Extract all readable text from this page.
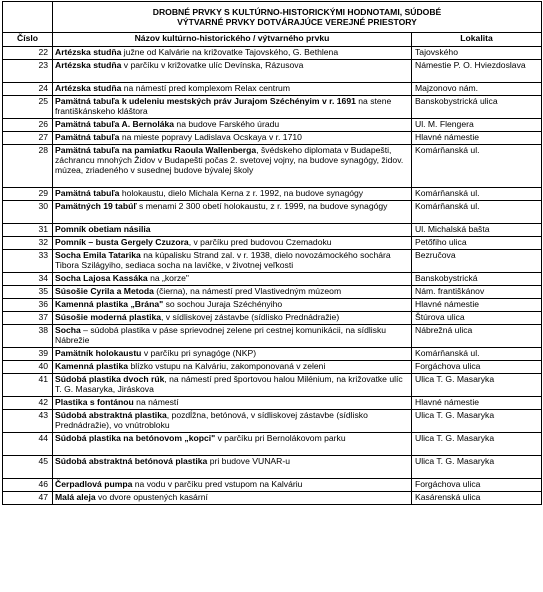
	DROBNÉ PRVKY S KULTÚRNO-HISTORICKÝMI HODNOTAMI, SÚDOBÉ
VÝTVARNÉ PRVKY DOTVÁRAJÚCE VEREJNÉ PRIESTORY	
Číslo	Názov kultúrno-historického / výtvarného prvku	Lokalita
22	Artézska studňa južne od Kalvárie na križovatke Tajovského, G. Bethlena	Tajovského
23	Artézska studňa v parčíku v križovatke ulíc Devínska, Rázusova	Námestie P. O. Hviezdoslava
24	Artézska studňa na námestí pred komplexom Relax centrum	Majzonovo nám.
25	Pamätná tabuľa k udeleniu mestských práv Jurajom Széchényim v r. 1691 na stene františkánskeho kláštora	Banskobystrická ulica
26	Pamätná tabuľa A. Bernoláka na budove Farského úradu	Ul. M. Flengera
27	Pamätná tabuľa na mieste popravy Ladislava Ocskaya v r. 1710	Hlavné námestie
28	Pamätná tabuľa na pamiatku Raoula Wallenberga, švédskeho diplomata v Budapešti, záchrancu mnohých Židov v Budapešti počas 2. svetovej vojny, na budove synagógy, židov. múzea, zriadeného v susednej budove bývalej školy	Komárňanská ul.
29	Pamätná tabuľa holokaustu, dielo Michala Kerna z r. 1992, na budove synagógy	Komárňanská ul.
30	Pamätných 19 tabúľ s menami 2 300 obetí holokaustu, z r. 1999, na budove synagógy	Komárňanská ul.
31	Pomník obetiam násilia	Ul. Michalská bašta
32	Pomník – busta Gergely Czuzora, v parčíku pred budovou Czemadoku	Petőfiho ulica
33	Socha Emila Tatarika na kúpalisku Strand zal. v r. 1938, dielo novozámockého sochára Tibora Szilágyiho, sediaca socha na lavičke, v životnej veľkosti	Bezručova
34	Socha Lajosa Kassáka na „korze"	Banskobystrická
35	Súsošie Cyrila a Metoda (čierna), na námestí pred Vlastivedným múzeom	Nám. františkánov
36	Kamenná plastika „Brána" so sochou Juraja Széchényiho	Hlavné námestie
37	Súsošie moderná plastika, v sídliskovej zástavbe (sídlisko Prednádražie)	Štúrova ulica
38	Socha – súdobá plastika v páse sprievodnej zelene pri cestnej komunikácii, na sídlisku Nábrežie	Nábrežná ulica
39	Pamätník holokaustu v parčíku pri synagóge (NKP)	Komárňanská ul.
40	Kamenná plastika blízko vstupu na Kalváriu, zakomponovaná v zeleni	Forgáchova ulica
41	Súdobá plastika dvoch rúk, na námestí pred športovou halou Milénium, na križovatke ulíc T. G. Masaryka, Jiráskova	Ulica T. G. Masaryka
42	Plastika s fontánou na námestí	Hlavné námestie
43	Súdobá abstraktná plastika, pozdĺžna, betónová, v sídliskovej zástavbe (sídlisko Prednádražie), vo vnútrobloku	Ulica T. G. Masaryka
44	Súdobá plastika na betónovom „kopci" v parčíku pri Bernolákovom parku	Ulica T. G. Masaryka
45	Súdobá abstraktná betónová plastika pri budove VUNAR-u	Ulica T. G. Masaryka
46	Čerpadlová pumpa na vodu v parčíku pred vstupom na Kalváriu	Forgáchova ulica
47	Malá aleja vo dvore opustených kasární	Kasárenská ulica
